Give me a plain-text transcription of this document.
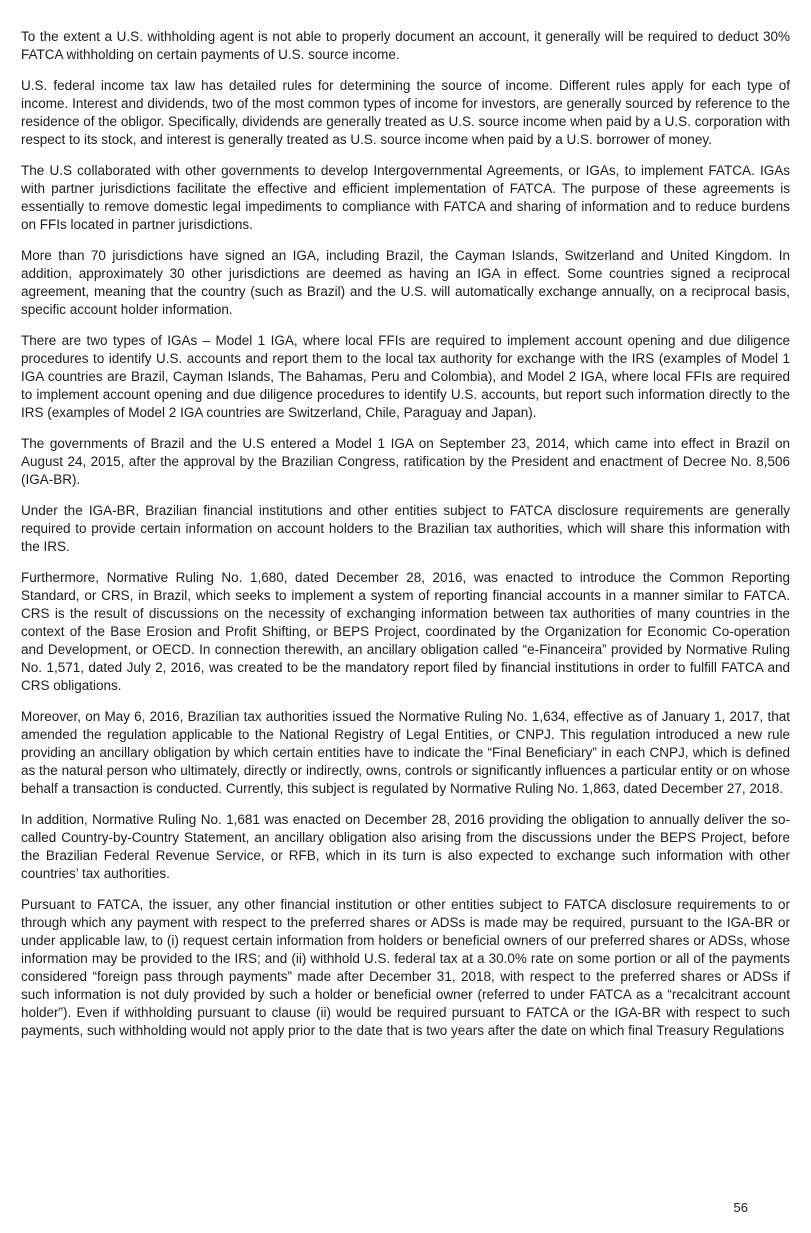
To the extent a U.S. withholding agent is not able to properly document an account, it generally will be required to deduct 30% FATCA withholding on certain payments of U.S. source income.

U.S. federal income tax law has detailed rules for determining the source of income. Different rules apply for each type of income. Interest and dividends, two of the most common types of income for investors, are generally sourced by reference to the residence of the obligor. Specifically, dividends are generally treated as U.S. source income when paid by a U.S. corporation with respect to its stock, and interest is generally treated as U.S. source income when paid by a U.S. borrower of money.

The U.S collaborated with other governments to develop Intergovernmental Agreements, or IGAs, to implement FATCA. IGAs with partner jurisdictions facilitate the effective and efficient implementation of FATCA. The purpose of these agreements is essentially to remove domestic legal impediments to compliance with FATCA and sharing of information and to reduce burdens on FFIs located in partner jurisdictions.

More than 70 jurisdictions have signed an IGA, including Brazil, the Cayman Islands, Switzerland and United Kingdom. In addition, approximately 30 other jurisdictions are deemed as having an IGA in effect. Some countries signed a reciprocal agreement, meaning that the country (such as Brazil) and the U.S. will automatically exchange annually, on a reciprocal basis, specific account holder information.

There are two types of IGAs – Model 1 IGA, where local FFIs are required to implement account opening and due diligence procedures to identify U.S. accounts and report them to the local tax authority for exchange with the IRS (examples of Model 1 IGA countries are Brazil, Cayman Islands, The Bahamas, Peru and Colombia), and Model 2 IGA, where local FFIs are required to implement account opening and due diligence procedures to identify U.S. accounts, but report such information directly to the IRS (examples of Model 2 IGA countries are Switzerland, Chile, Paraguay and Japan).

The governments of Brazil and the U.S entered a Model 1 IGA on September 23, 2014, which came into effect in Brazil on August 24, 2015, after the approval by the Brazilian Congress, ratification by the President and enactment of Decree No. 8,506 (IGA-BR).

Under the IGA-BR, Brazilian financial institutions and other entities subject to FATCA disclosure requirements are generally required to provide certain information on account holders to the Brazilian tax authorities, which will share this information with the IRS.

Furthermore, Normative Ruling No. 1,680, dated December 28, 2016, was enacted to introduce the Common Reporting Standard, or CRS, in Brazil, which seeks to implement a system of reporting financial accounts in a manner similar to FATCA. CRS is the result of discussions on the necessity of exchanging information between tax authorities of many countries in the context of the Base Erosion and Profit Shifting, or BEPS Project, coordinated by the Organization for Economic Co-operation and Development, or OECD. In connection therewith, an ancillary obligation called “e-Financeira” provided by Normative Ruling No. 1,571, dated July 2, 2016, was created to be the mandatory report filed by financial institutions in order to fulfill FATCA and CRS obligations.

Moreover, on May 6, 2016, Brazilian tax authorities issued the Normative Ruling No. 1,634, effective as of January 1, 2017, that amended the regulation applicable to the National Registry of Legal Entities, or CNPJ. This regulation introduced a new rule providing an ancillary obligation by which certain entities have to indicate the “Final Beneficiary” in each CNPJ, which is defined as the natural person who ultimately, directly or indirectly, owns, controls or significantly influences a particular entity or on whose behalf a transaction is conducted. Currently, this subject is regulated by Normative Ruling No. 1,863, dated December 27, 2018.

In addition, Normative Ruling No. 1,681 was enacted on December 28, 2016 providing the obligation to annually deliver the so-called Country-by-Country Statement, an ancillary obligation also arising from the discussions under the BEPS Project, before the Brazilian Federal Revenue Service, or RFB, which in its turn is also expected to exchange such information with other countries’ tax authorities.

Pursuant to FATCA, the issuer, any other financial institution or other entities subject to FATCA disclosure requirements to or through which any payment with respect to the preferred shares or ADSs is made may be required, pursuant to the IGA-BR or under applicable law, to (i) request certain information from holders or beneficial owners of our preferred shares or ADSs, whose information may be provided to the IRS; and (ii) withhold U.S. federal tax at a 30.0% rate on some portion or all of the payments considered “foreign pass through payments” made after December 31, 2018, with respect to the preferred shares or ADSs if such information is not duly provided by such a holder or beneficial owner (referred to under FATCA as a “recalcitrant account holder”). Even if withholding pursuant to clause (ii) would be required pursuant to FATCA or the IGA-BR with respect to such payments, such withholding would not apply prior to the date that is two years after the date on which final Treasury Regulations

56
